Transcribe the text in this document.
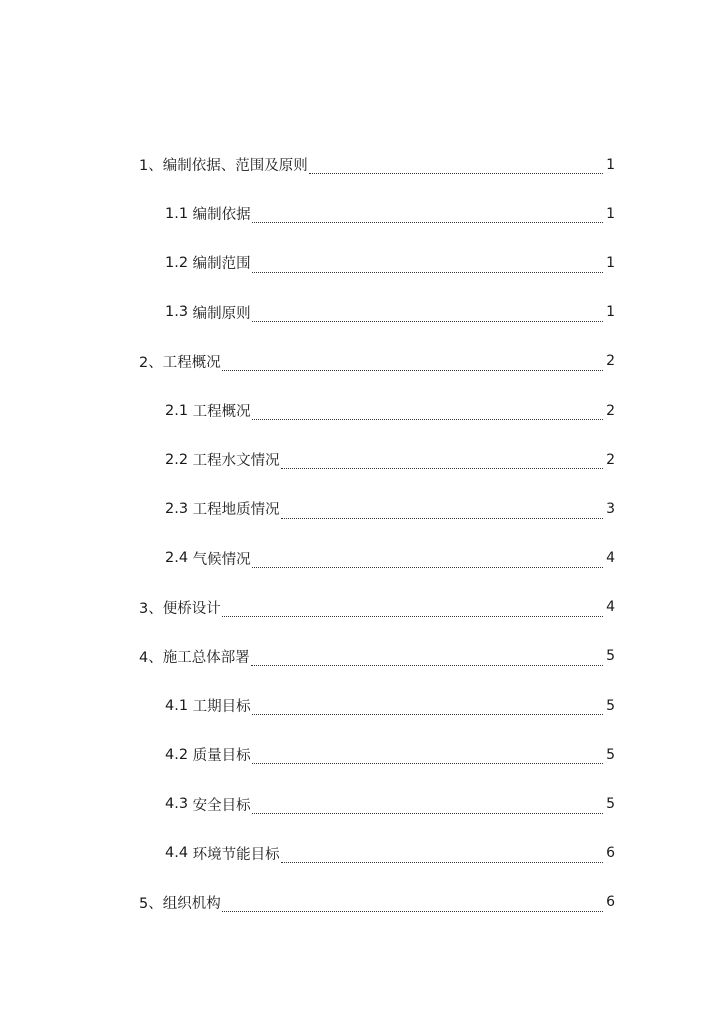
1、 编制依据、范围及原则	1
1.1 编制依据	1
1.2 编制范围	1
1.3 编制原则	1
2、 工程概况	2
2.1 工程概况	2
2.2 工程水文情况	2
2.3 工程地质情况	3
2.4 气候情况	4
3、 便桥设计	4
4、 施工总体部署	5
4.1 工期目标	5
4.2 质量目标	5
4.3 安全目标	5
4.4 环境节能目标	6
5、 组织机构	6
